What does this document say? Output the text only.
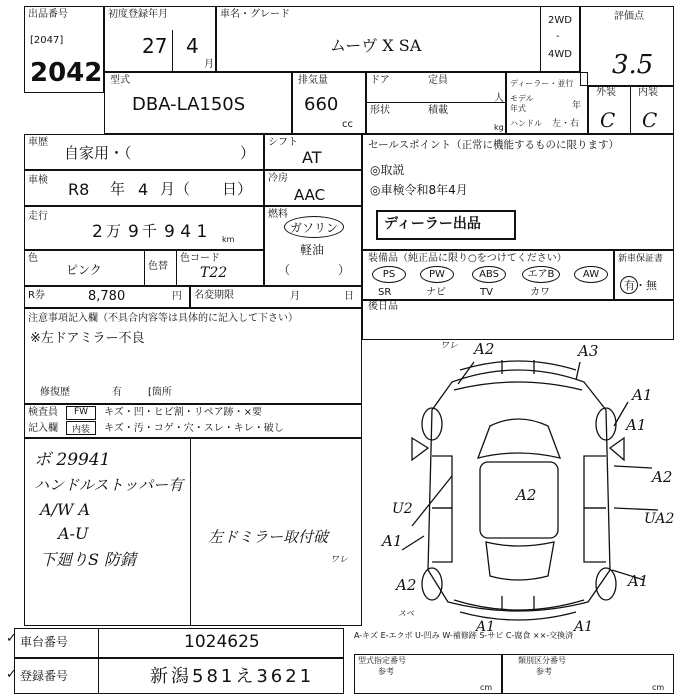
出品番号
[2047]
2042
初度登録年月
27 4
月
車名・グレード
ムーヴ X SA
2WD
-
4WD
評価点
3.5
型式
DBA-LA150S
排気量
660
cc
ドア	定員
人
形状	積載
kg
ディーラー・並行
モデル
年式	年
ハンドル 左・右
外装 内装
C C
車歴
自家用・（	）
シフト
AT
車検 R8 年 4 月（ 日）
冷房
AAC
走行
2 万 9 千 9 4 1 km
燃料
ガソリン
軽油
（	）
色
ピンク	色替
色コード
T22
R券	8,780	円 名変期限	月	日
注意事項記入欄（不具合内容等は具体的に記入して下さい）
※左ドアミラー不良
修復歴	有	[箇所
セールスポイント（正常に機能するものに限ります）
◎取説
◎車検令和8年4月
ディーラー出品
装備品（純正品に限り○をつけてください）	新車保証書
有・無
PS	PW	ABS	エアB	AW
SR	ナビ	TV	カワ
後日品
検査員
記入欄
FW
内装
キズ・凹・ヒビ割・リペア跡・×要
キズ・汚・コゲ・穴・スレ・キレ・破し
ボ 29941
ハンドルストッパー有
A/W A
A-U
下廻りS 防錆
左ドミラー取付破
ワレ
ワレ A2	A3
A1
A1
A2
UA2
U2
A1
A2
A1
A2
スベ
A1	A1
✓ 車台番号	1024625
✓ 登録番号	新潟581え3621
A-キズ E-エクボ U-凹み W-補修跡 S-サビ C-腐食 ××-交換済
型式指定番号
参考
cm
類別区分番号
参考
cm
